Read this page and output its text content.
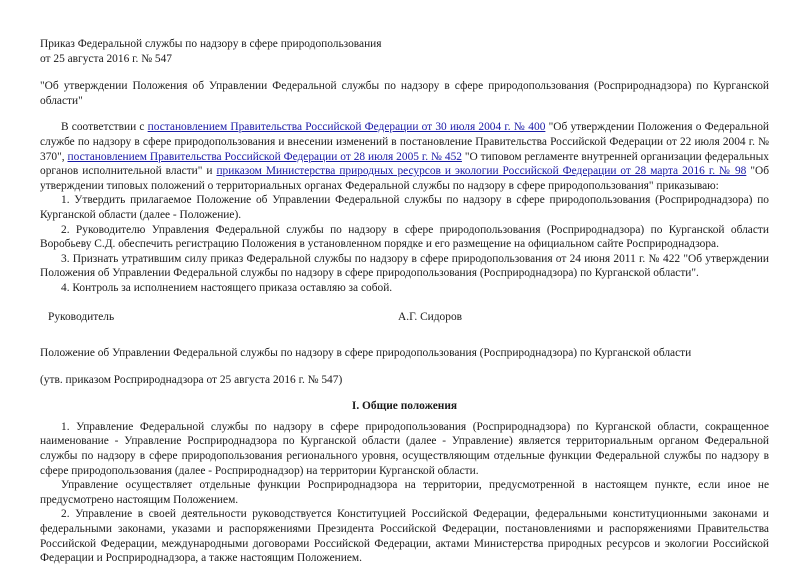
Приказ Федеральной службы по надзору в сфере природопользования

от 25 августа 2016 г. № 547

"Об утверждении Положения об Управлении Федеральной службы по надзору в сфере природопользования (Росприроднадзора) по Курганской области"

В соответствии с постановлением Правительства Российской Федерации от 30 июля 2004 г. № 400 "Об утверждении Положения о Федеральной службе по надзору в сфере природопользования и внесении изменений в постановление Правительства Российской Федерации от 22 июля 2004 г. № 370", постановлением Правительства Российской Федерации от 28 июля 2005 г. № 452 "О типовом регламенте внутренней организации федеральных органов исполнительной власти" и приказом Министерства природных ресурсов и экологии Российской Федерации от 28 марта 2016 г. № 98 "Об утверждении типовых положений о территориальных органах Федеральной службы по надзору в сфере природопользования" приказываю:

1. Утвердить прилагаемое Положение об Управлении Федеральной службы по надзору в сфере природопользования (Росприроднадзора) по Курганской области (далее - Положение).

2. Руководителю Управления Федеральной службы по надзору в сфере природопользования (Росприроднадзора) по Курганской области Воробьеву С.Д. обеспечить регистрацию Положения в установленном порядке и его размещение на официальном сайте Росприроднадзора.

3. Признать утратившим силу приказ Федеральной службы по надзору в сфере природопользования от 24 июня 2011 г. № 422 "Об утверждении Положения об Управлении Федеральной службы по надзору в сфере природопользования (Росприроднадзора) по Курганской области".

4. Контроль за исполнением настоящего приказа оставляю за собой.

Руководитель	А.Г. Сидоров

Положение об Управлении Федеральной службы по надзору в сфере природопользования (Росприроднадзора) по Курганской области

(утв. приказом Росприроднадзора от 25 августа 2016 г. № 547)

I. Общие положения

1. Управление Федеральной службы по надзору в сфере природопользования (Росприроднадзора) по Курганской области, сокращенное наименование - Управление Росприроднадзора по Курганской области (далее - Управление) является территориальным органом Федеральной службы по надзору в сфере природопользования регионального уровня, осуществляющим отдельные функции Федеральной службы по надзору в сфере природопользования (далее - Росприроднадзор) на территории Курганской области.

Управление осуществляет отдельные функции Росприроднадзора на территории, предусмотренной в настоящем пункте, если иное не предусмотрено настоящим Положением.

2. Управление в своей деятельности руководствуется Конституцией Российской Федерации, федеральными конституционными законами и федеральными законами, указами и распоряжениями Президента Российской Федерации, постановлениями и распоряжениями Правительства Российской Федерации, международными договорами Российской Федерации, актами Министерства природных ресурсов и экологии Российской Федерации и Росприроднадзора, а также настоящим Положением.
